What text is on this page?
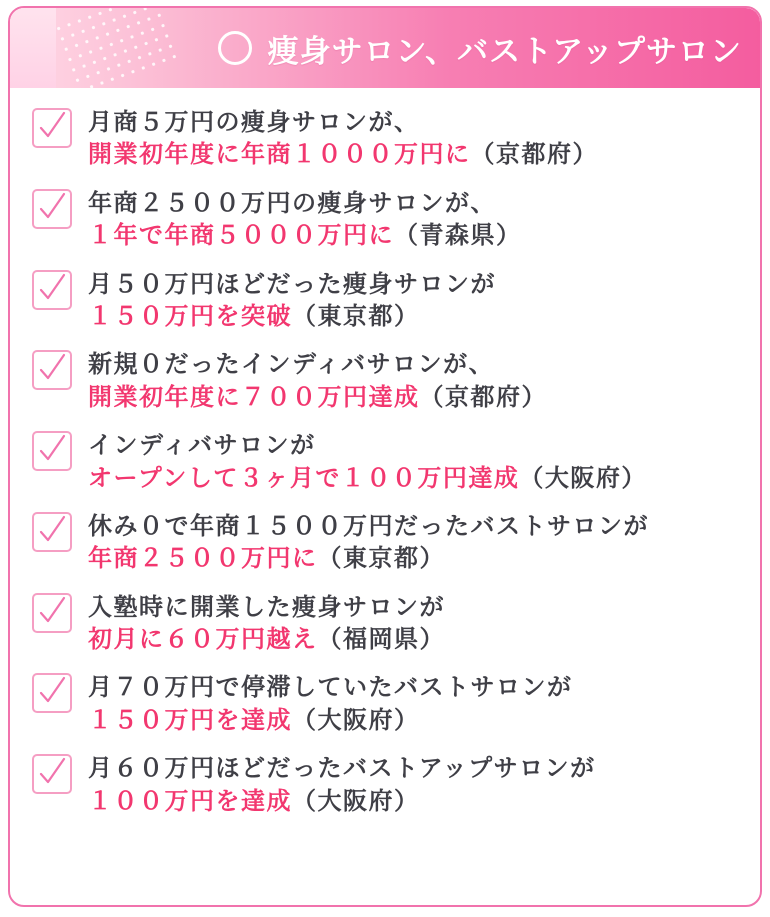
痩身サロン、バストアップサロン
月商５万円の痩身サロンが、
開業初年度に年商１０００万円に（京都府）
年商２５００万円の痩身サロンが、
１年で年商５０００万円に（青森県）
月５０万円ほどだった痩身サロンが
１５０万円を突破（東京都）
新規０だったインディバサロンが、
開業初年度に７００万円達成（京都府）
インディバサロンが
オープンして３ヶ月で１００万円達成（大阪府）
休み０で年商１５００万円だったバストサロンが
年商２５００万円に（東京都）
入塾時に開業した痩身サロンが
初月に６０万円越え（福岡県）
月７０万円で停滞していたバストサロンが
１５０万円を達成（大阪府）
月６０万円ほどだったバストアップサロンが
１００万円を達成（大阪府）
